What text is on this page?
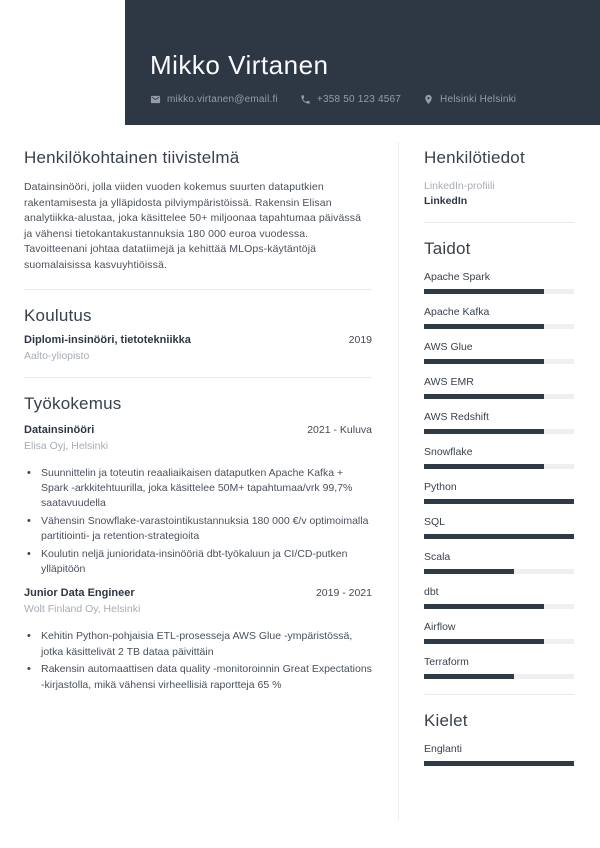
Mikko Virtanen
mikko.virtanen@email.fi	+358 50 123 4567	Helsinki Helsinki
Henkilökohtainen tiivistelmä

Datainsinööri, jolla viiden vuoden kokemus suurten dataputkien rakentamisesta ja ylläpidosta pilviympäristöissä. Rakensin Elisan analytiikka-alustaa, joka käsittelee 50+ miljoonaa tapahtumaa päivässä ja vähensi tietokantakustannuksia 180 000 euroa vuodessa. Tavoitteenani johtaa datatiimejä ja kehittää MLOps-käytäntöjä suomalaisissa kasvuyhtiöissä.

Koulutus
Diplomi-insinööri, tietotekniikka	2019
Aalto-yliopisto
Työkokemus
Datainsinööri	2021 - Kuluva
Elisa Oyj, Helsinki
• Suunnittelin ja toteutin reaaliaikaisen dataputken Apache Kafka + Spark -arkkitehtuurilla, joka käsittelee 50M+ tapahtumaa/vrk 99,7% saatavuudella
• Vähensin Snowflake-varastointikustannuksia 180 000 €/v optimoimalla partitiointi- ja retention-strategioita
• Koulutin neljä junioridata-insinööriä dbt-työkaluun ja CI/CD-putken ylläpitöön
Junior Data Engineer	2019 - 2021
Wolt Finland Oy, Helsinki
• Kehitin Python-pohjaisia ETL-prosesseja AWS Glue -ympäristössä, jotka käsittelivät 2 TB dataa päivittäin
• Rakensin automaattisen data quality -monitoroinnin Great Expectations -kirjastolla, mikä vähensi virheellisiä raportteja 65 %
Henkilötiedot
LinkedIn-profiili
LinkedIn
Taidot
Apache Spark
Apache Kafka
AWS Glue
AWS EMR
AWS Redshift
Snowflake
Python
SQL
Scala
dbt
Airflow
Terraform
Kielet
Englanti
